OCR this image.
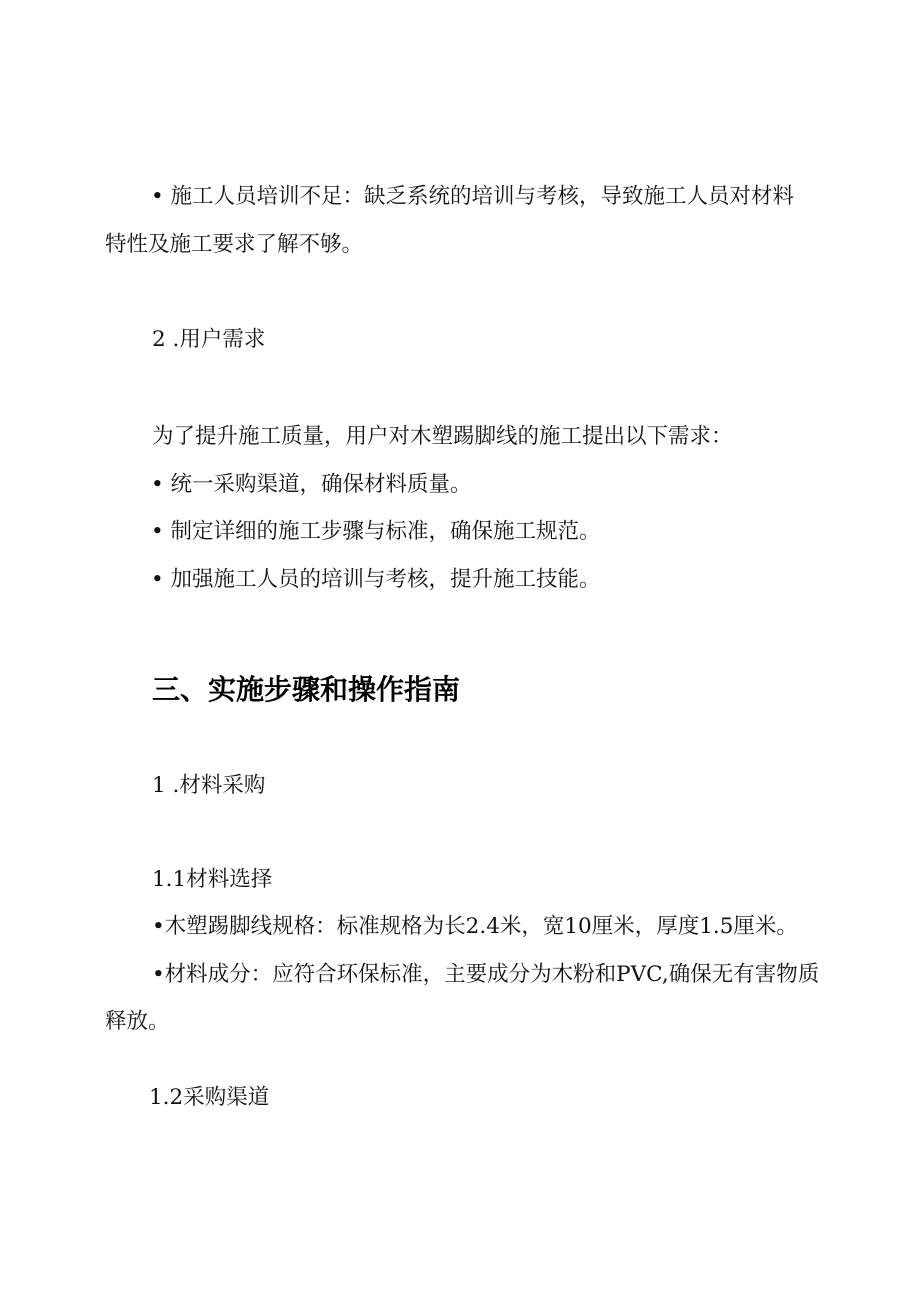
• 施工人员培训不足：缺乏系统的培训与考核，导致施工人员对材料
特性及施工要求了解不够。
2 .用户需求
为了提升施工质量，用户对木塑踢脚线的施工提出以下需求：
• 统一采购渠道，确保材料质量。
• 制定详细的施工步骤与标准，确保施工规范。
• 加强施工人员的培训与考核，提升施工技能。
三、实施步骤和操作指南
1 .材料采购
1.1材料选择
•木塑踢脚线规格：标准规格为长2.4米，宽10厘米，厚度1.5厘米。
•材料成分：应符合环保标准，主要成分为木粉和PVC,确保无有害物质
释放。
1.2采购渠道
